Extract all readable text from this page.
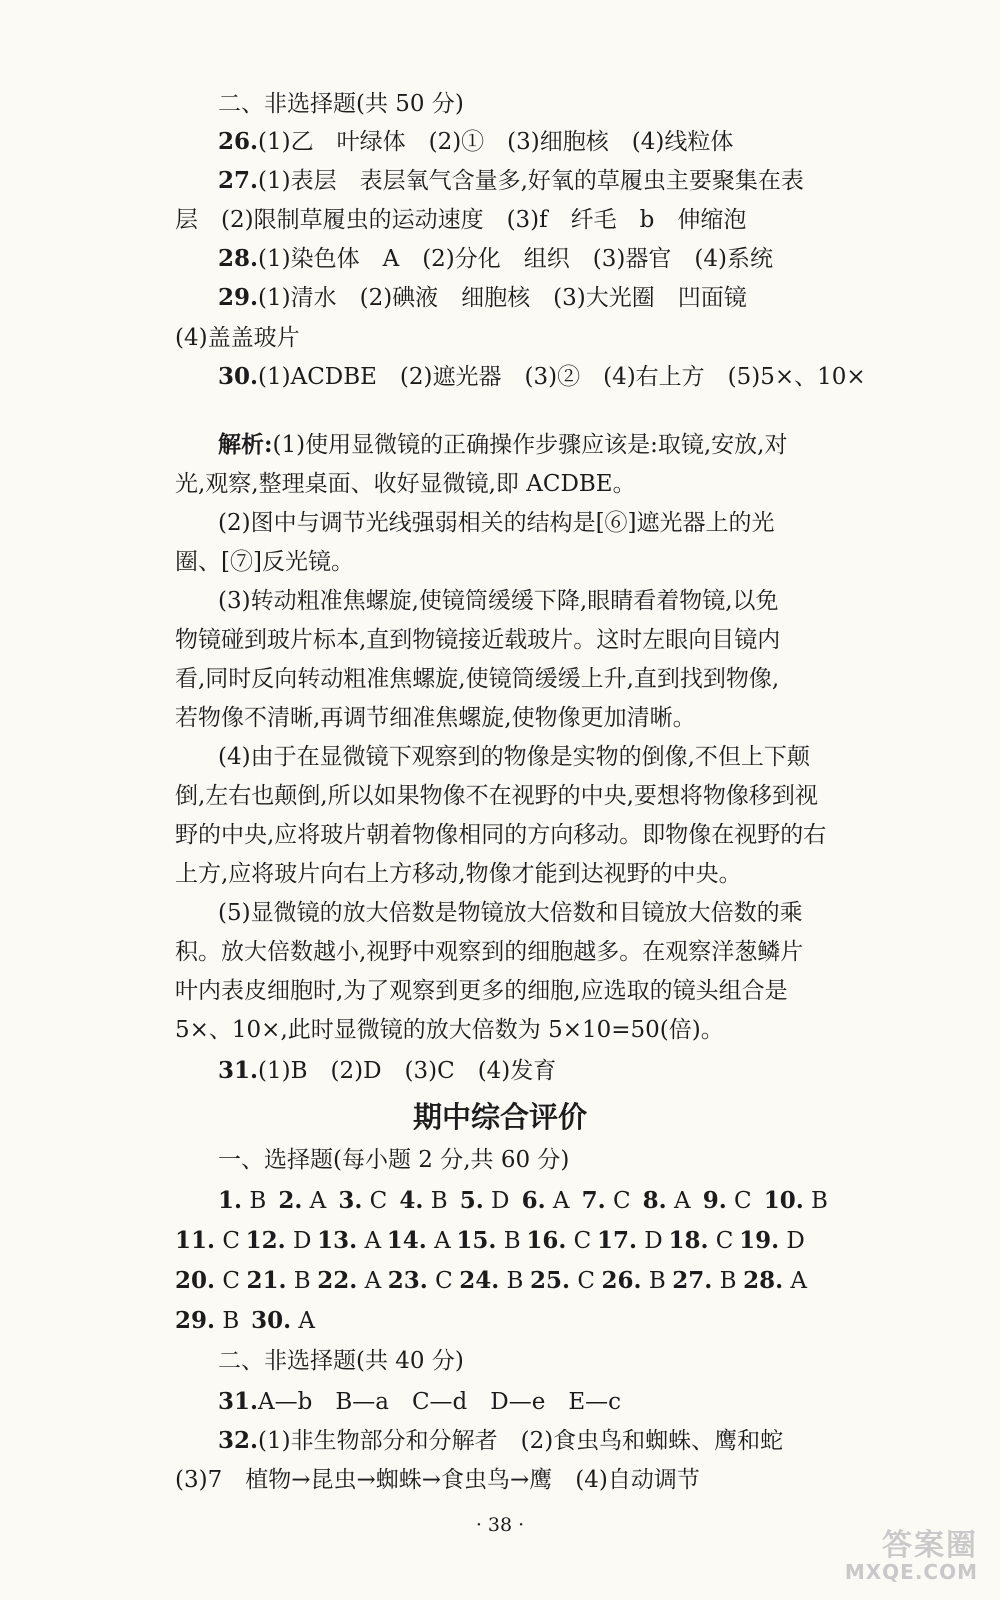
二、非选择题(共 50 分)
26.(1)乙　叶绿体　(2)①　(3)细胞核　(4)线粒体
27.(1)表层　表层氧气含量多,好氧的草履虫主要聚集在表
层　(2)限制草履虫的运动速度　(3)f　纤毛　b　伸缩泡
28.(1)染色体　A　(2)分化　组织　(3)器官　(4)系统
29.(1)清水　(2)碘液　细胞核　(3)大光圈　凹面镜
(4)盖盖玻片
30.(1)ACDBE　(2)遮光器　(3)②　(4)右上方　(5)5×、10×
解析:(1)使用显微镜的正确操作步骤应该是:取镜,安放,对
光,观察,整理桌面、收好显微镜,即 ACDBE。
(2)图中与调节光线强弱相关的结构是[⑥]遮光器上的光
圈、[⑦]反光镜。
(3)转动粗准焦螺旋,使镜筒缓缓下降,眼睛看着物镜,以免
物镜碰到玻片标本,直到物镜接近载玻片。这时左眼向目镜内
看,同时反向转动粗准焦螺旋,使镜筒缓缓上升,直到找到物像,
若物像不清晰,再调节细准焦螺旋,使物像更加清晰。
(4)由于在显微镜下观察到的物像是实物的倒像,不但上下颠
倒,左右也颠倒,所以如果物像不在视野的中央,要想将物像移到视
野的中央,应将玻片朝着物像相同的方向移动。即物像在视野的右
上方,应将玻片向右上方移动,物像才能到达视野的中央。
(5)显微镜的放大倍数是物镜放大倍数和目镜放大倍数的乘
积。放大倍数越小,视野中观察到的细胞越多。在观察洋葱鳞片
叶内表皮细胞时,为了观察到更多的细胞,应选取的镜头组合是
5×、10×,此时显微镜的放大倍数为 5×10=50(倍)。
31.(1)B　(2)D　(3)C　(4)发育
期中综合评价
一、选择题(每小题 2 分,共 60 分)
1. B 2. A 3. C 4. B 5. D 6. A 7. C 8. A 9. C 10. B
11. C 12. D 13. A 14. A 15. B 16. C 17. D 18. C 19. D
20. C 21. B 22. A 23. C 24. B 25. C 26. B 27. B 28. A
29. B 30. A
二、非选择题(共 40 分)
31.A—b　B—a　C—d　D—e　E—c
32.(1)非生物部分和分解者　(2)食虫鸟和蜘蛛、鹰和蛇
(3)7　植物→昆虫→蜘蛛→食虫鸟→鹰　(4)自动调节
· 38 ·
答案圈
MXQE.COM
